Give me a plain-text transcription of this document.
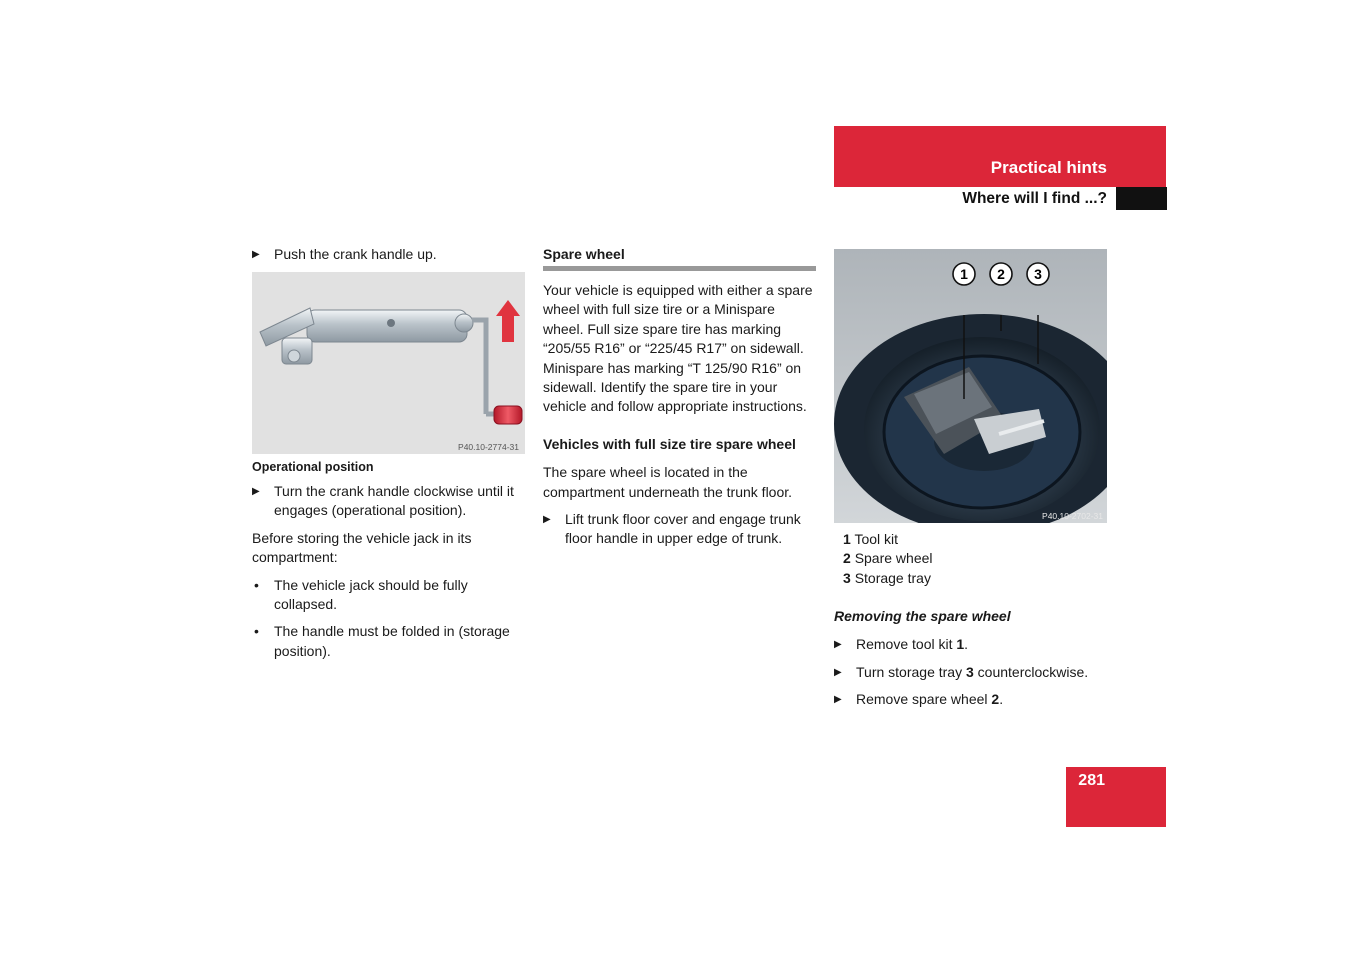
Practical hints
Where will I find ...?
▶ Push the crank handle up.
P40.10-2774-31
Operational position
▶ Turn the crank handle clockwise until it engages (operational position).
Before storing the vehicle jack in its compartment:
• The vehicle jack should be fully collapsed.
• The handle must be folded in (storage position).
Spare wheel
Your vehicle is equipped with either a spare wheel with full size tire or a Minispare wheel. Full size spare tire has marking “205/55 R16” or “225/45 R17” on sidewall. Minispare has marking “T 125/90 R16” on sidewall. Identify the spare tire in your vehicle and follow appropriate instructions.
Vehicles with full size tire spare wheel
The spare wheel is located in the compartment underneath the trunk floor.
▶ Lift trunk floor cover and engage trunk floor handle in upper edge of trunk.
1 2 3
P40.10-2702-31
1 Tool kit
2 Spare wheel
3 Storage tray
Removing the spare wheel
▶ Remove tool kit 1.
▶ Turn storage tray 3 counterclockwise.
▶ Remove spare wheel 2.
281
